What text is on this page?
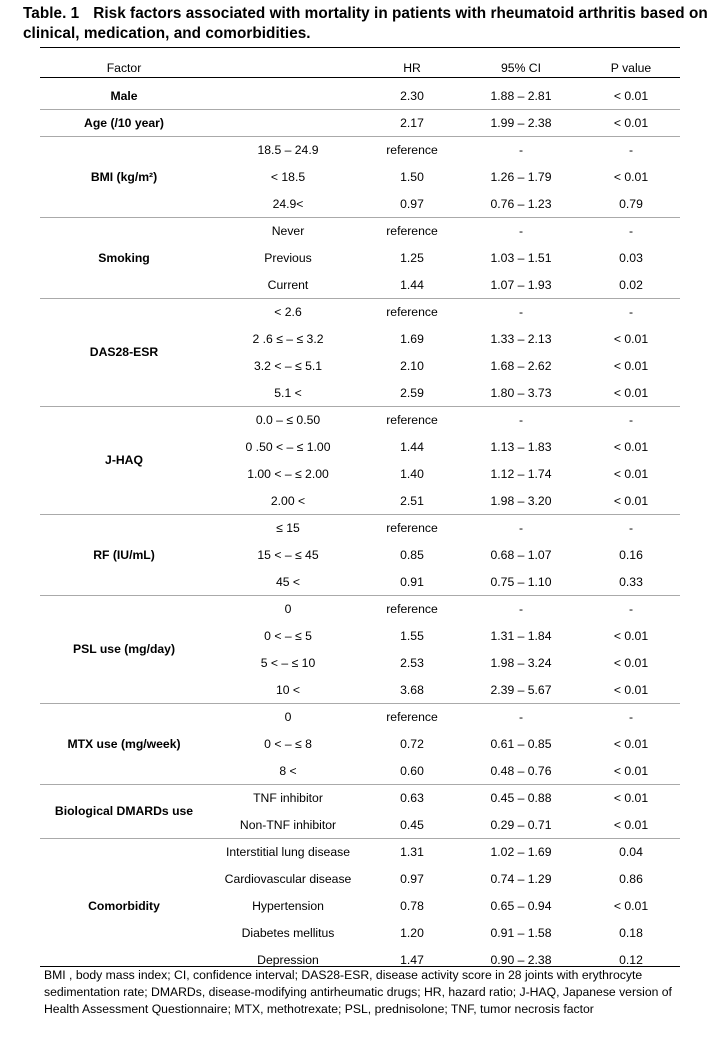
Table. 1 Risk factors associated with mortality in patients with rheumatoid arthritis based on clinical, medication, and comorbidities.
Factor	HR	95% CI	P value
Male	2.30	1.88 – 2.81	< 0.01
Age (/10 year)	2.17	1.99 – 2.38	< 0.01
BMI (kg/m²)
18.5 – 24.9	reference	-	-
< 18.5	1.50	1.26 – 1.79	< 0.01
24.9<	0.97	0.76 – 1.23	0.79
Smoking
Never	reference	-	-
Previous	1.25	1.03 – 1.51	0.03
Current	1.44	1.07 – 1.93	0.02
DAS28-ESR
< 2.6	reference	-	-
2 .6 ≤ – ≤ 3.2	1.69	1.33 – 2.13	< 0.01
3.2 < – ≤ 5.1	2.10	1.68 – 2.62	< 0.01
5.1 <	2.59	1.80 – 3.73	< 0.01
J-HAQ
0.0 – ≤ 0.50	reference	-	-
0 .50 < – ≤ 1.00	1.44	1.13 – 1.83	< 0.01
1.00 < – ≤ 2.00	1.40	1.12 – 1.74	< 0.01
2.00 <	2.51	1.98 – 3.20	< 0.01
RF (IU/mL)
≤ 15	reference	-	-
15 < – ≤ 45	0.85	0.68 – 1.07	0.16
45 <	0.91	0.75 – 1.10	0.33
PSL use (mg/day)
0	reference	-	-
0 < – ≤ 5	1.55	1.31 – 1.84	< 0.01
5 < – ≤ 10	2.53	1.98 – 3.24	< 0.01
10 <	3.68	2.39 – 5.67	< 0.01
MTX use (mg/week)
0	reference	-	-
0 < – ≤ 8	0.72	0.61 – 0.85	< 0.01
8 <	0.60	0.48 – 0.76	< 0.01
Biological DMARDs use
TNF inhibitor	0.63	0.45 – 0.88	< 0.01
Non-TNF inhibitor	0.45	0.29 – 0.71	< 0.01
Comorbidity
Interstitial lung disease	1.31	1.02 – 1.69	0.04
Cardiovascular disease	0.97	0.74 – 1.29	0.86
Hypertension	0.78	0.65 – 0.94	< 0.01
Diabetes mellitus	1.20	0.91 – 1.58	0.18
Depression	1.47	0.90 – 2.38	0.12
BMI , body mass index; CI, confidence interval; DAS28-ESR, disease activity score in 28 joints with erythrocyte sedimentation rate; DMARDs, disease-modifying antirheumatic drugs; HR, hazard ratio; J-HAQ, Japanese version of Health Assessment Questionnaire; MTX, methotrexate; PSL, prednisolone; TNF, tumor necrosis factor
